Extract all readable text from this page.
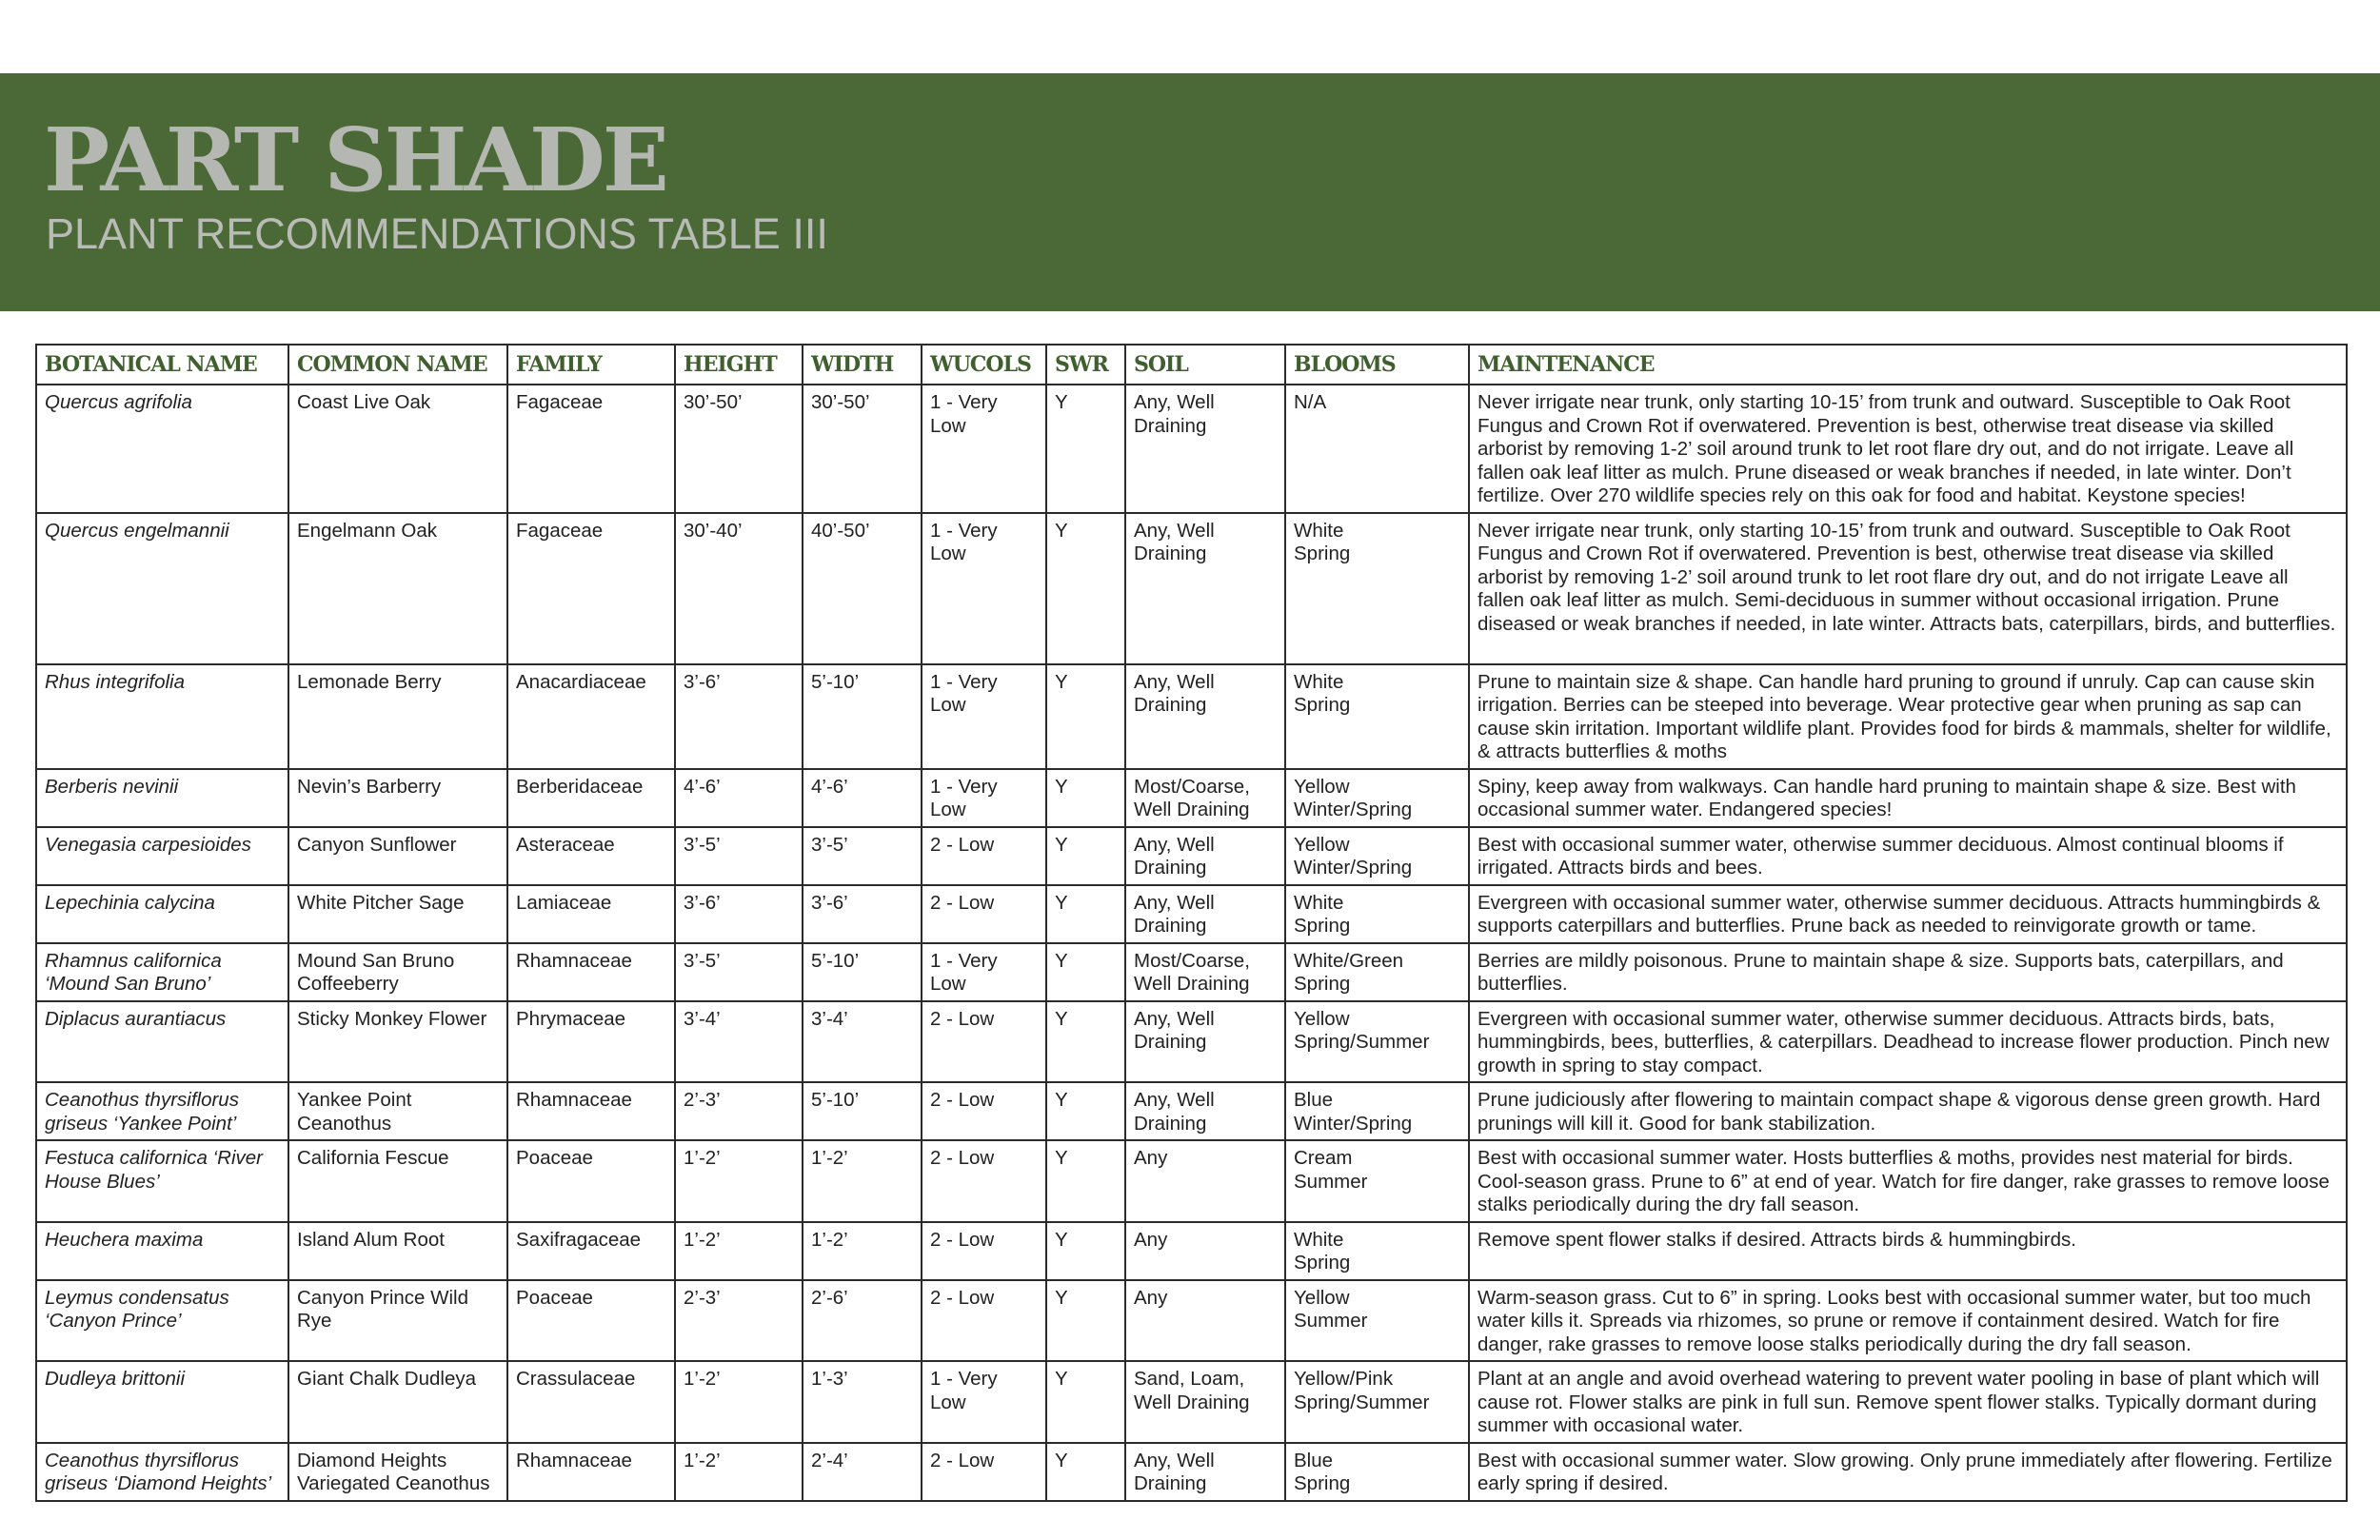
PART SHADE
PLANT RECOMMENDATIONS TABLE III
BOTANICAL NAME	COMMON NAME	FAMILY	HEIGHT	WIDTH	WUCOLS	SWR	SOIL	BLOOMS	MAINTENANCE

Quercus agrifolia	Coast Live Oak	Fagaceae	30’-50’	30’-50’	1 - Very Low	Y	Any, Well
Draining	N/A	Never irrigate near trunk, only starting 10-15’ from trunk and outward. Susceptible to Oak Root Fungus and Crown Rot if overwatered. Prevention is best, otherwise treat disease via skilled arborist by removing 1-2’ soil around trunk to let root flare dry out, and do not irrigate. Leave all fallen oak leaf litter as mulch. Prune diseased or weak branches if needed, in late winter. Don’t fertilize. Over 270 wildlife species rely on this oak for food and habitat. Keystone species!

Quercus engelmannii	Engelmann Oak	Fagaceae	30’-40’	40’-50’	1 - Very Low	Y	Any, Well
Draining	White
Spring	Never irrigate near trunk, only starting 10-15’ from trunk and outward. Susceptible to Oak Root Fungus and Crown Rot if overwatered. Prevention is best, otherwise treat disease via skilled arborist by removing 1-2’ soil around trunk to let root flare dry out, and do not irrigate Leave all fallen oak leaf litter as mulch. Semi-deciduous in summer without occasional irrigation. Prune diseased or weak branches if needed, in late winter. Attracts bats, caterpillars, birds, and butterflies.

Rhus integrifolia	Lemonade Berry	Anacardiaceae	3’-6’	5’-10’	1 - Very Low	Y	Any, Well
Draining	White
Spring	Prune to maintain size & shape. Can handle hard pruning to ground if unruly. Cap can cause skin irrigation. Berries can be steeped into beverage. Wear protective gear when pruning as sap can cause skin irritation. Important wildlife plant. Provides food for birds & mammals, shelter for wildlife, & attracts butterflies & moths

Berberis nevinii	Nevin’s Barberry	Berberidaceae	4’-6’	4’-6’	1 - Very Low	Y	Most/Coarse,
Well Draining	Yellow
Winter/Spring	Spiny, keep away from walkways. Can handle hard pruning to maintain shape & size. Best with occasional summer water. Endangered species!

Venegasia carpesioides	Canyon Sunflower	Asteraceae	3’-5’	3’-5’	2 - Low	Y	Any, Well
Draining	Yellow
Winter/Spring	Best with occasional summer water, otherwise summer deciduous. Almost continual blooms if irrigated. Attracts birds and bees.

Lepechinia calycina	White Pitcher Sage	Lamiaceae	3’-6’	3’-6’	2 - Low	Y	Any, Well
Draining	White
Spring	Evergreen with occasional summer water, otherwise summer deciduous. Attracts hummingbirds & supports caterpillars and butterflies. Prune back as needed to reinvigorate growth or tame.

Rhamnus californica
‘Mound San Bruno’	Mound San Bruno
Coffeeberry	Rhamnaceae	3’-5’	5’-10’	1 - Very Low	Y	Most/Coarse,
Well Draining	White/Green
Spring	Berries are mildly poisonous. Prune to maintain shape & size. Supports bats, caterpillars, and butterflies.

Diplacus aurantiacus	Sticky Monkey Flower	Phrymaceae	3’-4’	3’-4’	2 - Low	Y	Any, Well
Draining	Yellow
Spring/Summer	Evergreen with occasional summer water, otherwise summer deciduous. Attracts birds, bats, hummingbirds, bees, butterflies, & caterpillars. Deadhead to increase flower production. Pinch new growth in spring to stay compact.

Ceanothus thyrsiflorus
griseus ‘Yankee Point’	Yankee Point
Ceanothus	Rhamnaceae	2’-3’	5’-10’	2 - Low	Y	Any, Well
Draining	Blue
Winter/Spring	Prune judiciously after flowering to maintain compact shape & vigorous dense green growth. Hard prunings will kill it. Good for bank stabilization.

Festuca californica ‘River
House Blues’	California Fescue	Poaceae	1’-2’	1’-2’	2 - Low	Y	Any	Cream
Summer	Best with occasional summer water. Hosts butterflies & moths, provides nest material for birds. Cool-season grass. Prune to 6” at end of year. Watch for fire danger, rake grasses to remove loose stalks periodically during the dry fall season.

Heuchera maxima	Island Alum Root	Saxifragaceae	1’-2’	1’-2’	2 - Low	Y	Any	White
Spring	Remove spent flower stalks if desired. Attracts birds & hummingbirds.

Leymus condensatus
‘Canyon Prince’	Canyon Prince Wild
Rye	Poaceae	2’-3’	2’-6’	2 - Low	Y	Any	Yellow
Summer	Warm-season grass. Cut to 6” in spring. Looks best with occasional summer water, but too much water kills it. Spreads via rhizomes, so prune or remove if containment desired. Watch for fire danger, rake grasses to remove loose stalks periodically during the dry fall season.

Dudleya brittonii	Giant Chalk Dudleya	Crassulaceae	1’-2’	1’-3’	1 - Very Low	Y	Sand, Loam,
Well Draining	Yellow/Pink
Spring/Summer	Plant at an angle and avoid overhead watering to prevent water pooling in base of plant which will cause rot. Flower stalks are pink in full sun. Remove spent flower stalks. Typically dormant during summer with occasional water.

Ceanothus thyrsiflorus
griseus ‘Diamond Heights’	Diamond Heights
Variegated Ceanothus	Rhamnaceae	1’-2’	2’-4’	2 - Low	Y	Any, Well
Draining	Blue
Spring	Best with occasional summer water. Slow growing. Only prune immediately after flowering. Fertilize early spring if desired.
